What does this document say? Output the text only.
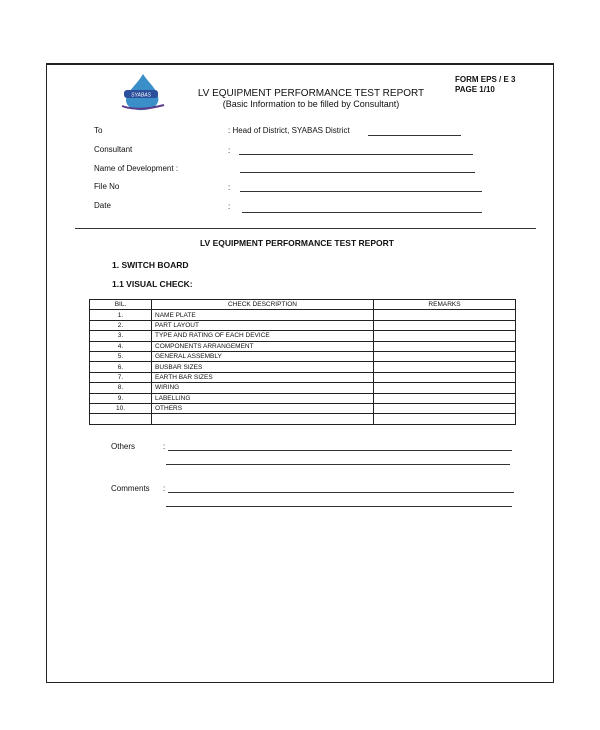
SYABAS	LV EQUIPMENT PERFORMANCE TEST REPORT
(Basic Information to be filled by Consultant)
FORM EPS / E 3
PAGE 1/10
To	: Head of District, SYABAS District
Consultant	:
Name of Development :
File No	:
Date	:
LV EQUIPMENT PERFORMANCE TEST REPORT
1. SWITCH BOARD
1.1 VISUAL CHECK:
BIL.	CHECK DESCRIPTION	REMARKS
1.	NAME PLATE	
2.	PART LAYOUT	
3.	TYPE AND RATING OF EACH DEVICE	
4.	COMPONENTS ARRANGEMENT	
5.	GENERAL ASSEMBLY	
6.	BUSBAR SIZES	
7.	EARTH BAR SIZES	
8.	WIRING	
9.	LABELLING	
10.	OTHERS	

Others	:
Comments :
